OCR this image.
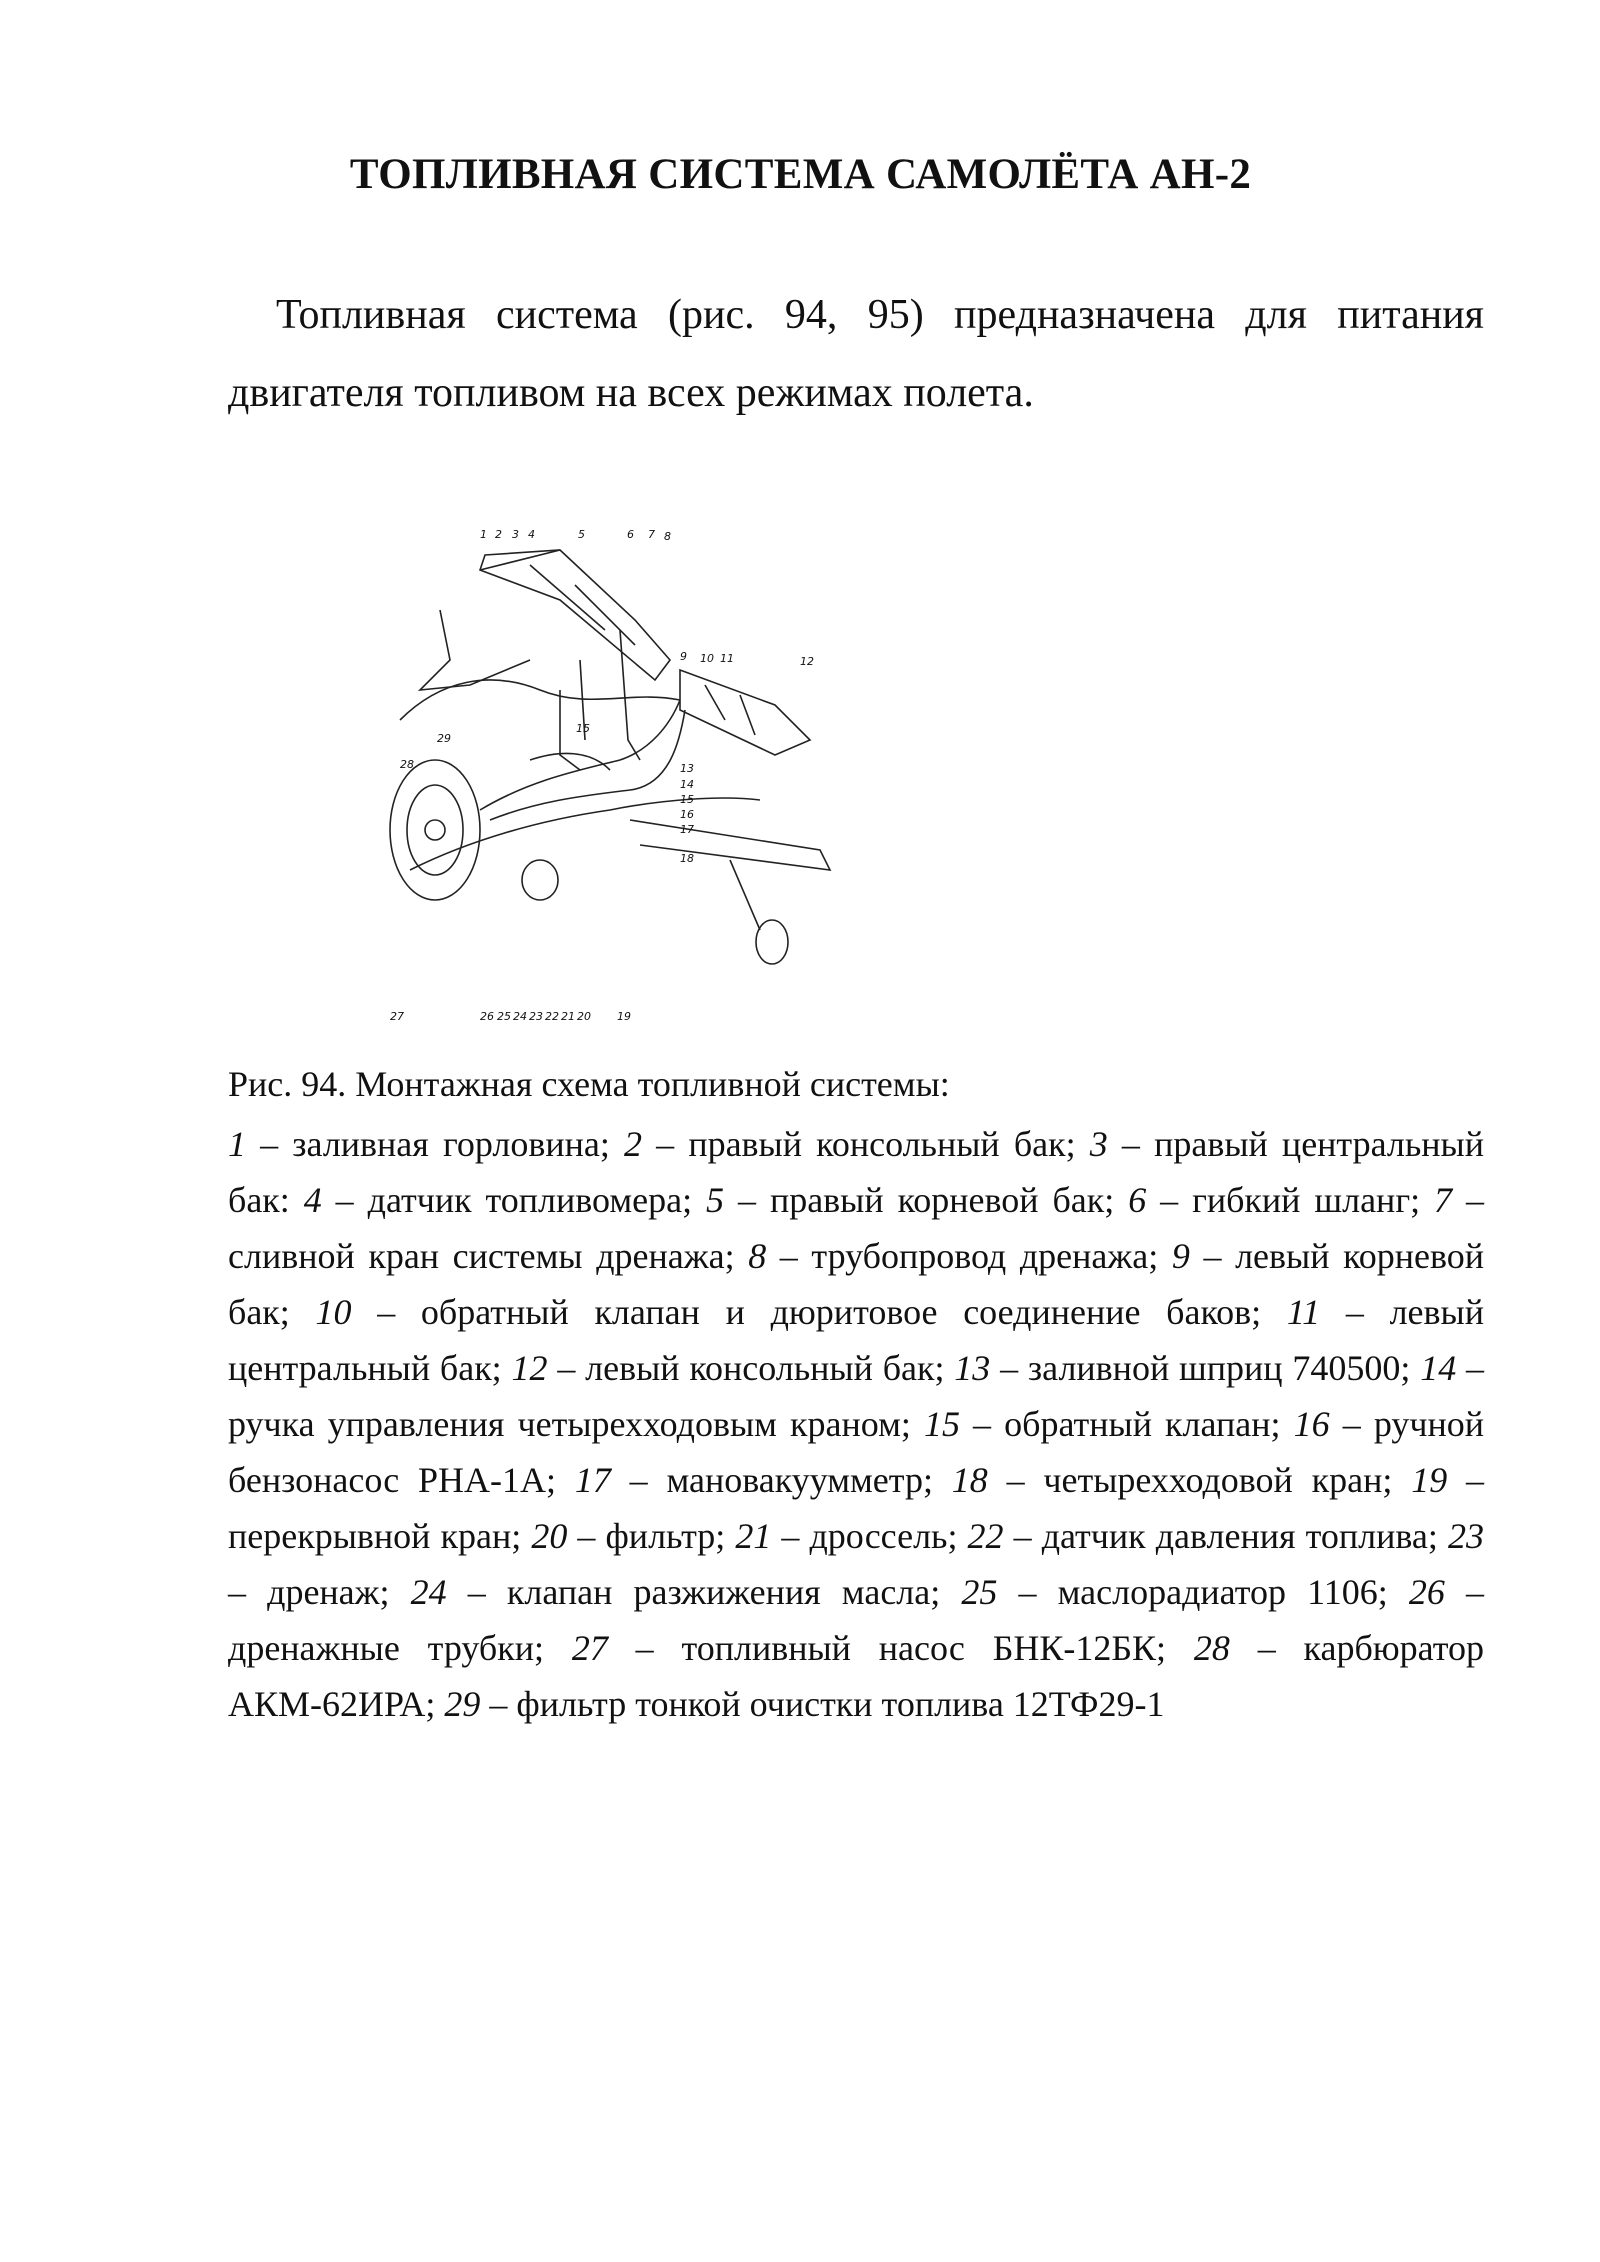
ТОПЛИВНАЯ СИСТЕМА САМОЛЁТА АН-2

Топливная система (рис. 94, 95) предназначена для питания двигателя топливом на всех режимах полета.

1 2 3 4	5	6 7 8
9 10 11	12
13
14
15
16
17
18
15
29
28
27	26 25 24 23 22 21 20 19

Рис. 94. Монтажная схема топливной системы:

1 – заливная горловина; 2 – правый консольный бак; 3 – правый центральный бак: 4 – датчик топливомера; 5 – правый корневой бак; 6 – гибкий шланг; 7 – сливной кран системы дренажа; 8 – трубопровод дренажа; 9 – левый корневой бак; 10 – обратный клапан и дюритовое соединение баков; 11 – левый центральный бак; 12 – левый консольный бак; 13 – заливной шприц 740500; 14 – ручка управления четырехходовым краном; 15 – обратный клапан; 16 – ручной бензонасос РНА-1А; 17 – мановакуумметр; 18 – четырехходовой кран; 19 – перекрывной кран; 20 – фильтр; 21 – дроссель; 22 – датчик давления топлива; 23 – дренаж; 24 – клапан разжижения масла; 25 – маслорадиатор 1106; 26 – дренажные трубки; 27 – топливный насос БНК-12БК; 28 – карбюратор АКМ-62ИРА; 29 – фильтр тонкой очистки топлива 12ТФ29-1
